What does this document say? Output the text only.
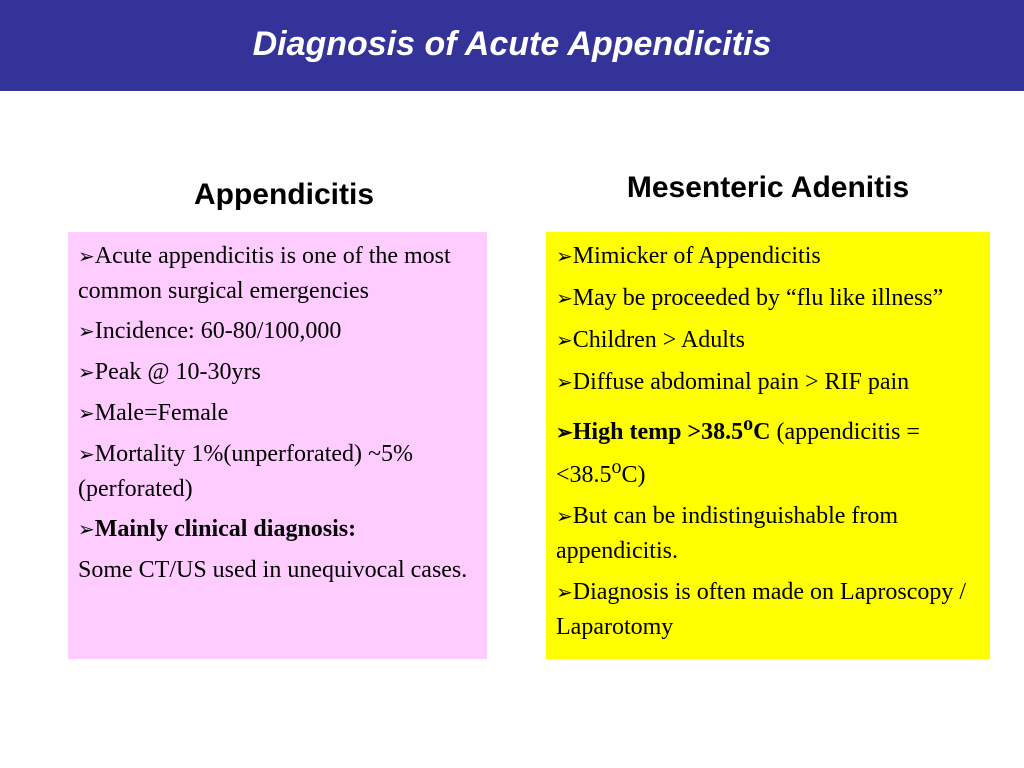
Diagnosis of Acute Appendicitis
Appendicitis	Mesenteric Adenitis

➢Acute appendicitis is one of the most common surgical emergencies

➢Incidence: 60-80/100,000

➢Peak @ 10-30yrs

➢Male=Female

➢Mortality 1%(unperforated) ~5%(perforated)

➢Mainly clinical diagnosis:

Some CT/US used in unequivocal cases.

➢Mimicker of Appendicitis

➢May be proceeded by “flu like illness”

➢Children > Adults

➢Diffuse abdominal pain > RIF pain

➢High temp $>38.5^oC$ (appendicitis = $<38.5^oC$)

➢But can be indistinguishable from appendicitis.

➢Diagnosis is often made on Laproscopy / Laparotomy
